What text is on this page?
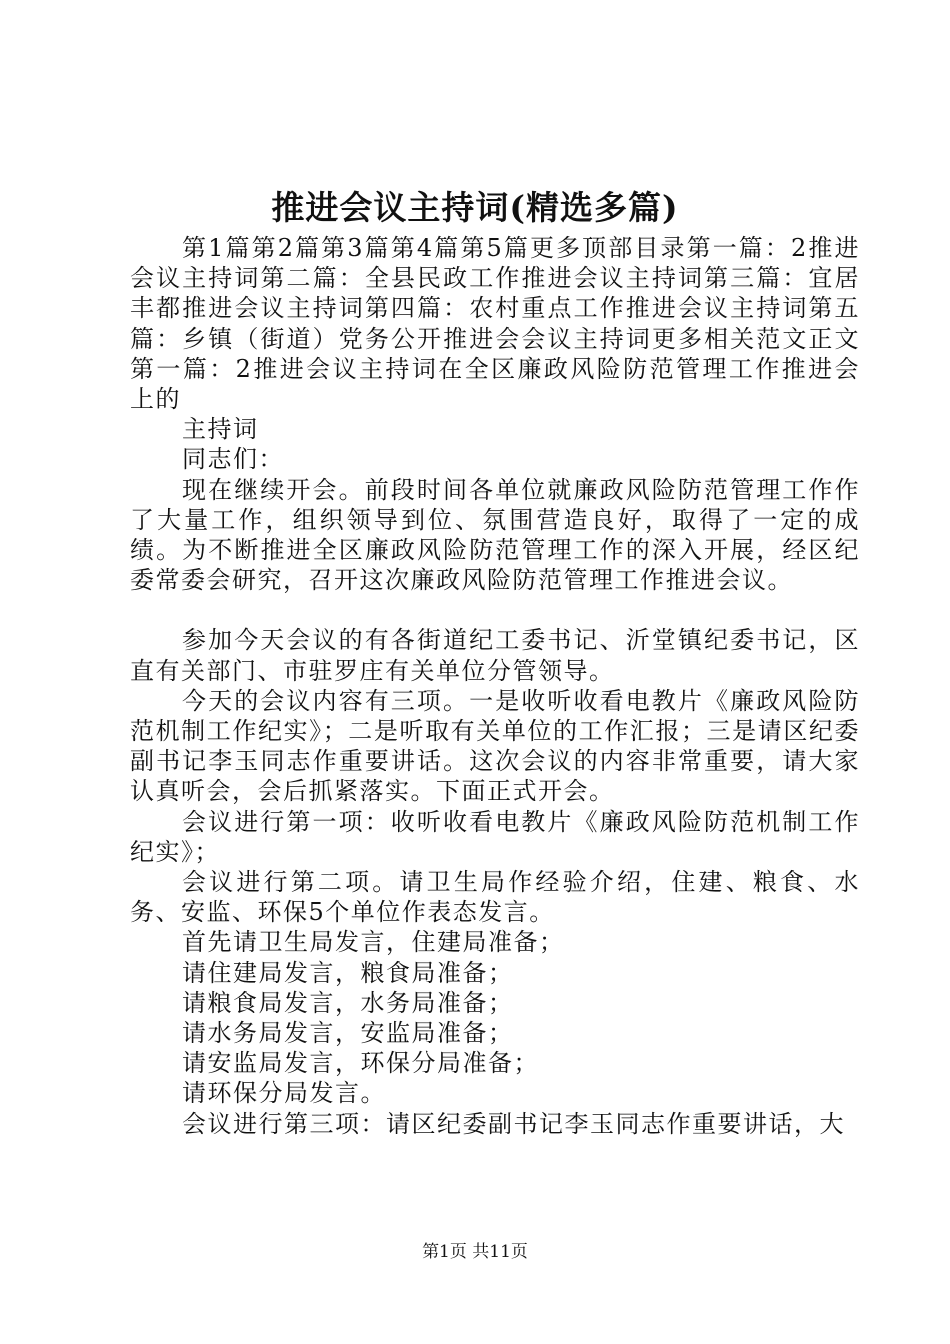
推进会议主持词(精选多篇)

第1篇第2篇第3篇第4篇第5篇更多顶部目录第一篇：2推进会议主持词第二篇：全县民政工作推进会议主持词第三篇：宜居丰都推进会议主持词第四篇：农村重点工作推进会议主持词第五篇：乡镇（街道）党务公开推进会会议主持词更多相关范文正文第一篇：2推进会议主持词在全区廉政风险防范管理工作推进会上的

主持词

同志们：

现在继续开会。前段时间各单位就廉政风险防范管理工作作了大量工作，组织领导到位、氛围营造良好，取得了一定的成绩。为不断推进全区廉政风险防范管理工作的深入开展，经区纪委常委会研究，召开这次廉政风险防范管理工作推进会议。

参加今天会议的有各街道纪工委书记、沂堂镇纪委书记，区直有关部门、市驻罗庄有关单位分管领导。

今天的会议内容有三项。一是收听收看电教片《廉政风险防范机制工作纪实》；二是听取有关单位的工作汇报；三是请区纪委副书记李玉同志作重要讲话。这次会议的内容非常重要，请大家认真听会，会后抓紧落实。下面正式开会。

会议进行第一项：收听收看电教片《廉政风险防范机制工作纪实》；

会议进行第二项。请卫生局作经验介绍，住建、粮食、水务、安监、环保5个单位作表态发言。

首先请卫生局发言，住建局准备；

请住建局发言，粮食局准备；

请粮食局发言，水务局准备；

请水务局发言，安监局准备；

请安监局发言，环保分局准备；

请环保分局发言。

会议进行第三项：请区纪委副书记李玉同志作重要讲话，大

第1页 共11页
